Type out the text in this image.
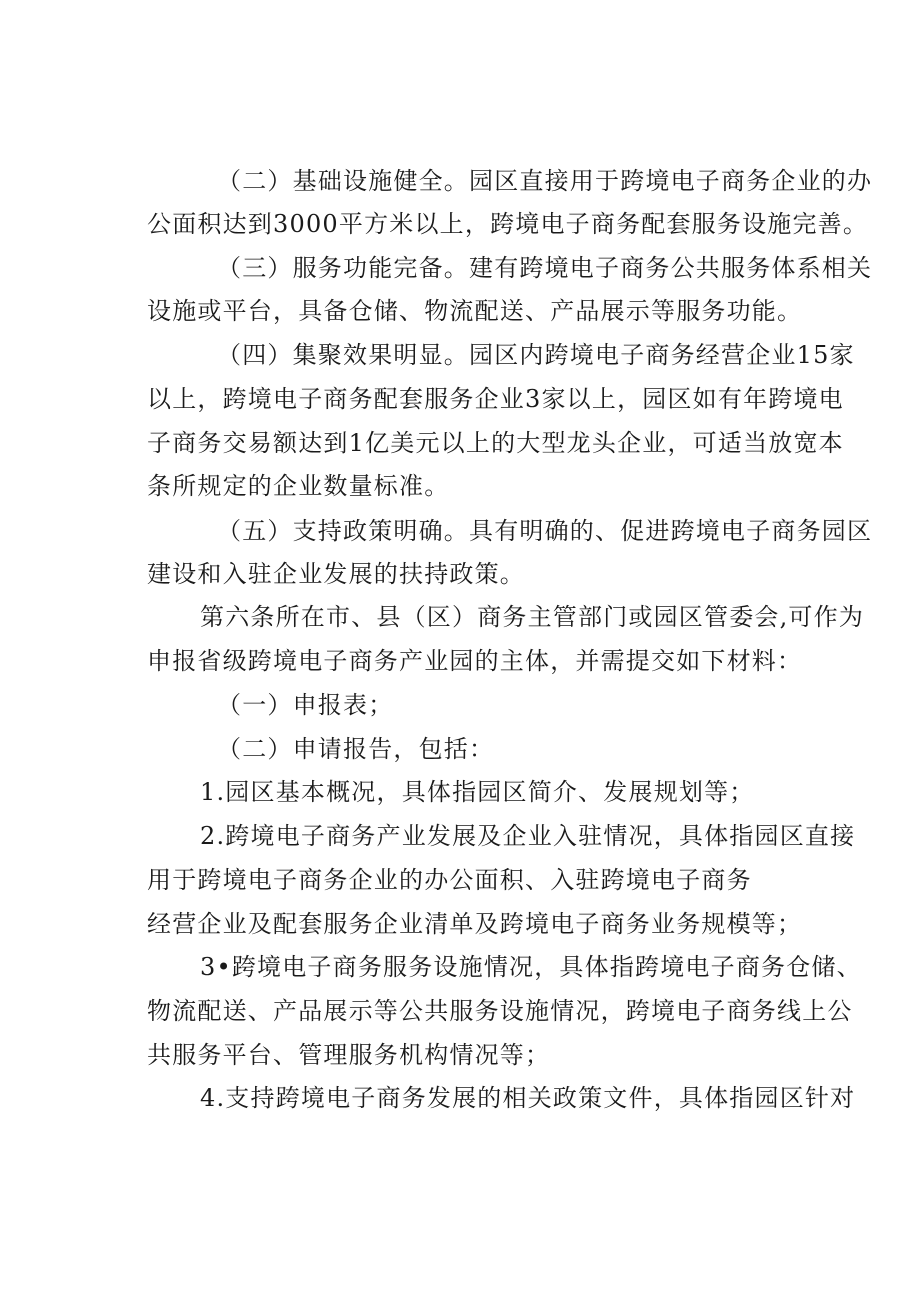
（二）基础设施健全。园区直接用于跨境电子商务企业的办
公面积达到3000平方米以上，跨境电子商务配套服务设施完善。
（三）服务功能完备。建有跨境电子商务公共服务体系相关
设施或平台，具备仓储、物流配送、产品展示等服务功能。
（四）集聚效果明显。园区内跨境电子商务经营企业15家
以上，跨境电子商务配套服务企业3家以上，园区如有年跨境电
子商务交易额达到1亿美元以上的大型龙头企业，可适当放宽本
条所规定的企业数量标准。
（五）支持政策明确。具有明确的、促进跨境电子商务园区
建设和入驻企业发展的扶持政策。
第六条所在市、县（区）商务主管部门或园区管委会,可作为
申报省级跨境电子商务产业园的主体，并需提交如下材料：
（一）申报表；
（二）申请报告，包括：
1.园区基本概况，具体指园区简介、发展规划等；
2.跨境电子商务产业发展及企业入驻情况，具体指园区直接
用于跨境电子商务企业的办公面积、入驻跨境电子商务
经营企业及配套服务企业清单及跨境电子商务业务规模等；
3•跨境电子商务服务设施情况，具体指跨境电子商务仓储、
物流配送、产品展示等公共服务设施情况，跨境电子商务线上公
共服务平台、管理服务机构情况等；
4.支持跨境电子商务发展的相关政策文件，具体指园区针对
